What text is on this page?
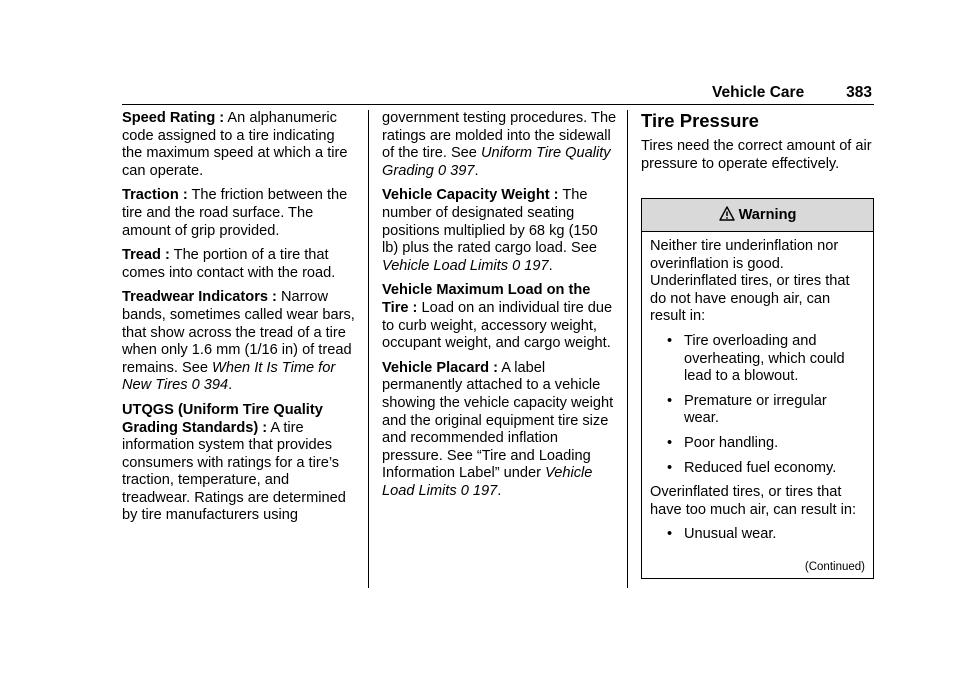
Vehicle Care	383

Speed Rating : An alphanumeric code assigned to a tire indicating the maximum speed at which a tire can operate.

Traction : The friction between the tire and the road surface. The amount of grip provided.

Tread : The portion of a tire that comes into contact with the road.

Treadwear Indicators : Narrow bands, sometimes called wear bars, that show across the tread of a tire when only 1.6 mm (1/16 in) of tread remains. See When It Is Time for New Tires 0 394.

UTQGS (Uniform Tire Quality Grading Standards) : A tire information system that provides consumers with ratings for a tire’s traction, temperature, and treadwear. Ratings are determined by tire manufacturers using

government testing procedures. The ratings are molded into the sidewall of the tire. See Uniform Tire Quality Grading 0 397.

Vehicle Capacity Weight : The number of designated seating positions multiplied by 68 kg (150 lb) plus the rated cargo load. See Vehicle Load Limits 0 197.

Vehicle Maximum Load on the Tire : Load on an individual tire due to curb weight, accessory weight, occupant weight, and cargo weight.

Vehicle Placard : A label permanently attached to a vehicle showing the vehicle capacity weight and the original equipment tire size and recommended inflation pressure. See “Tire and Loading Information Label” under Vehicle Load Limits 0 197.

Tire Pressure

Tires need the correct amount of air pressure to operate effectively.

Warning

Neither tire underinflation nor overinflation is good. Underinflated tires, or tires that do not have enough air, can result in:

• Tire overloading and overheating, which could lead to a blowout.
• Premature or irregular wear.
• Poor handling.
• Reduced fuel economy.

Overinflated tires, or tires that have too much air, can result in:

• Unusual wear.
(Continued)
